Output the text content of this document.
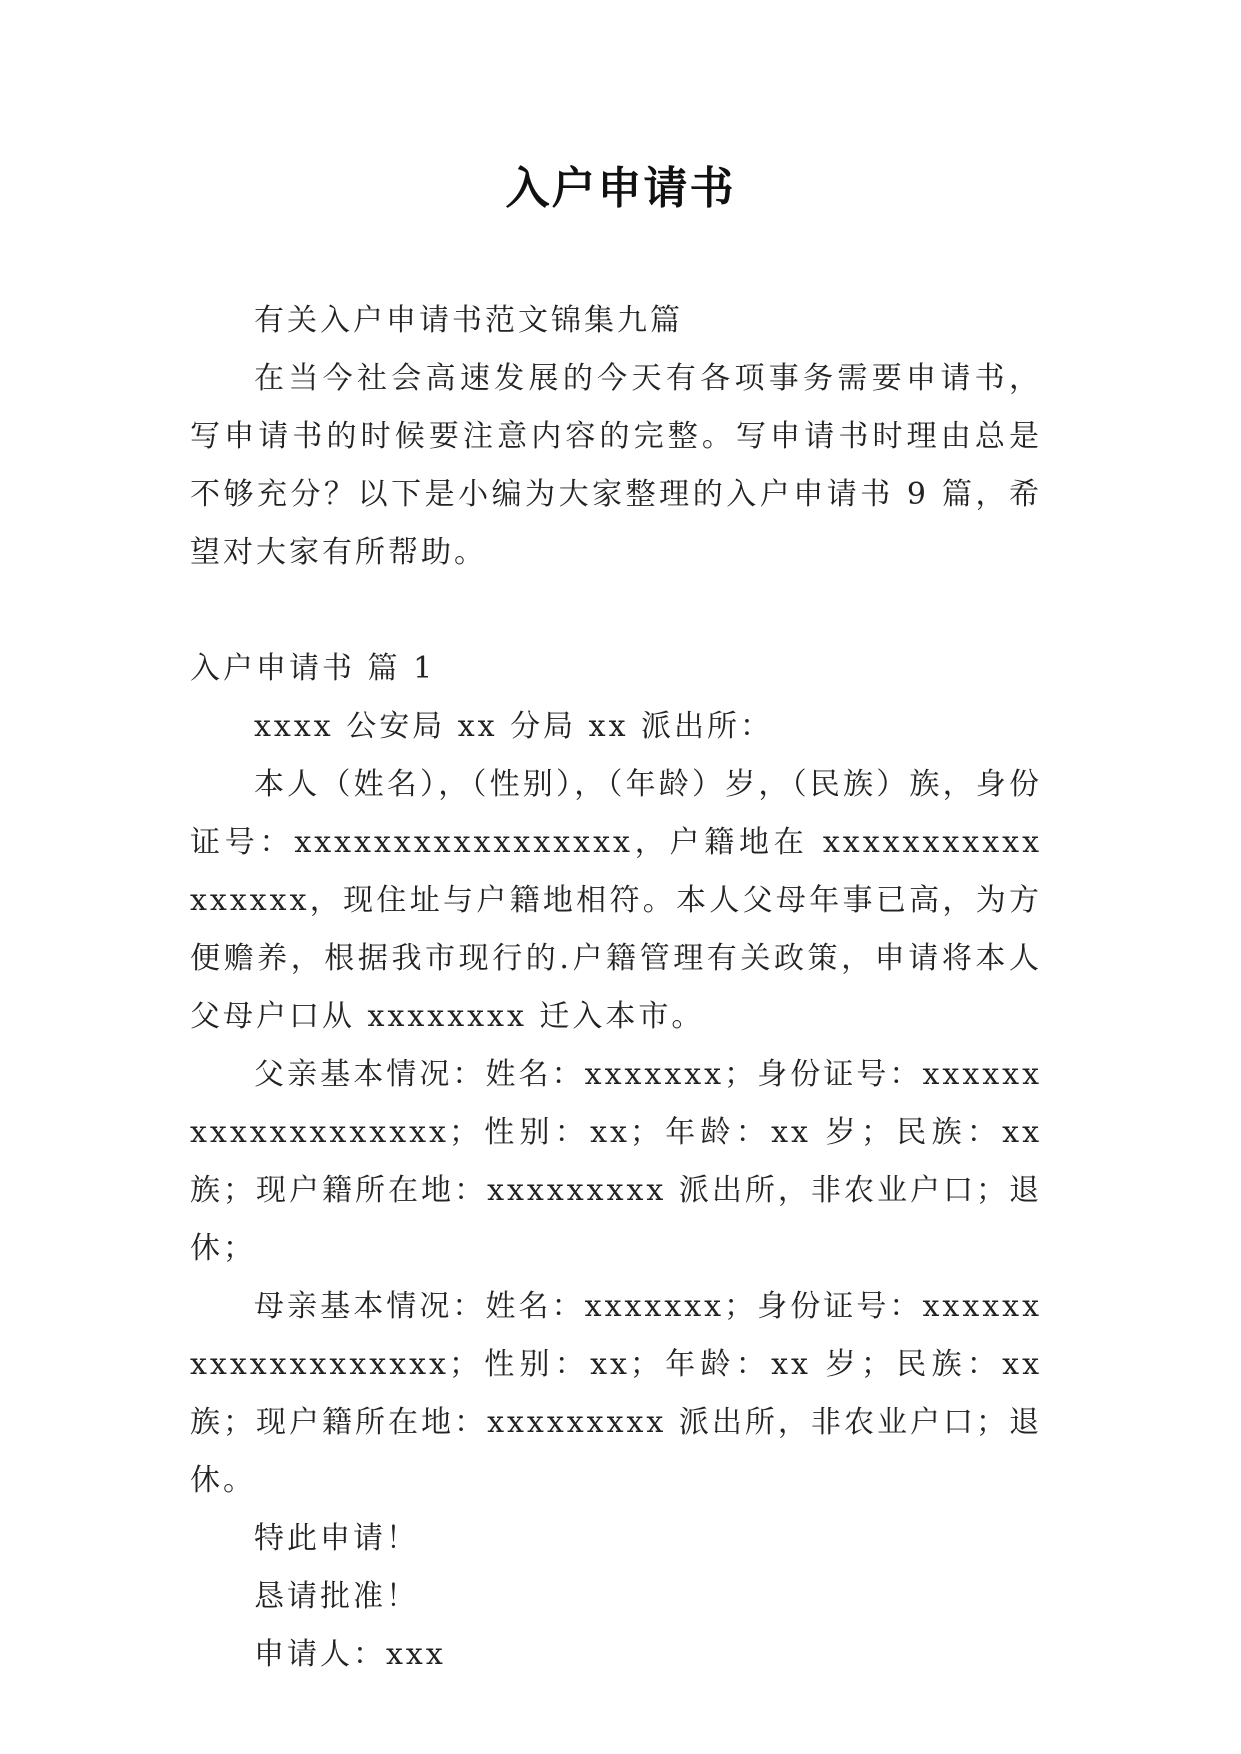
入户申请书

有关入户申请书范文锦集九篇

在当今社会高速发展的今天有各项事务需要申请书，写申请书的时候要注意内容的完整。写申请书时理由总是不够充分？以下是小编为大家整理的入户申请书 9 篇，希望对大家有所帮助。

入户申请书 篇 1

xxxx 公安局 xx 分局 xx 派出所：

本人（姓名），（性别），（年龄）岁，（民族）族，身份证号：xxxxxxxxxxxxxxxxx，户籍地在 xxxxxxxxxxxxxxxxx，现住址与户籍地相符。本人父母年事已高，为方便赡养，根据我市现行的.户籍管理有关政策，申请将本人父母户口从 xxxxxxxx 迁入本市。

父亲基本情况：姓名：xxxxxxx；身份证号：xxxxxxxxxxxxxxxxxxx；性别：xx；年龄：xx 岁；民族：xx 族；现户籍所在地：xxxxxxxxx 派出所，非农业户口；退休；

母亲基本情况：姓名：xxxxxxx；身份证号：xxxxxxxxxxxxxxxxxxx；性别：xx；年龄：xx 岁；民族：xx 族；现户籍所在地：xxxxxxxxx 派出所，非农业户口；退休。

特此申请！

恳请批准！

申请人：xxx
